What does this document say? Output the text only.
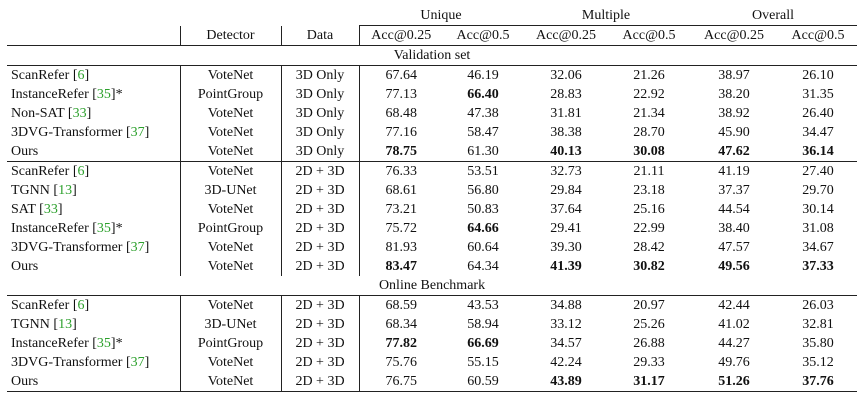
			Unique		Multiple		Overall	
	Detector	Data	Acc@0.25	Acc@0.5	Acc@0.25	Acc@0.5	Acc@0.25	Acc@0.5
Validation set								
ScanRefer [6]	VoteNet	3D Only	67.64	46.19	32.06	21.26	38.97	26.10
InstanceRefer [35]*	PointGroup	3D Only	77.13	66.40	28.83	22.92	38.20	31.35
Non-SAT [33]	VoteNet	3D Only	68.48	47.38	31.81	21.34	38.92	26.40
3DVG-Transformer [37]	VoteNet	3D Only	77.16	58.47	38.38	28.70	45.90	34.47
Ours	VoteNet	3D Only	78.75	61.30	40.13	30.08	47.62	36.14
ScanRefer [6]	VoteNet	2D + 3D	76.33	53.51	32.73	21.11	41.19	27.40
TGNN [13]	3D-UNet	2D + 3D	68.61	56.80	29.84	23.18	37.37	29.70
SAT [33]	VoteNet	2D + 3D	73.21	50.83	37.64	25.16	44.54	30.14
InstanceRefer [35]*	PointGroup	2D + 3D	75.72	64.66	29.41	22.99	38.40	31.08
3DVG-Transformer [37]	VoteNet	2D + 3D	81.93	60.64	39.30	28.42	47.57	34.67
Ours	VoteNet	2D + 3D	83.47	64.34	41.39	30.82	49.56	37.33
Online Benchmark								
ScanRefer [6]	VoteNet	2D + 3D	68.59	43.53	34.88	20.97	42.44	26.03
TGNN [13]	3D-UNet	2D + 3D	68.34	58.94	33.12	25.26	41.02	32.81
InstanceRefer [35]*	PointGroup	2D + 3D	77.82	66.69	34.57	26.88	44.27	35.80
3DVG-Transformer [37]	VoteNet	2D + 3D	75.76	55.15	42.24	29.33	49.76	35.12
Ours	VoteNet	2D + 3D	76.75	60.59	43.89	31.17	51.26	37.76
